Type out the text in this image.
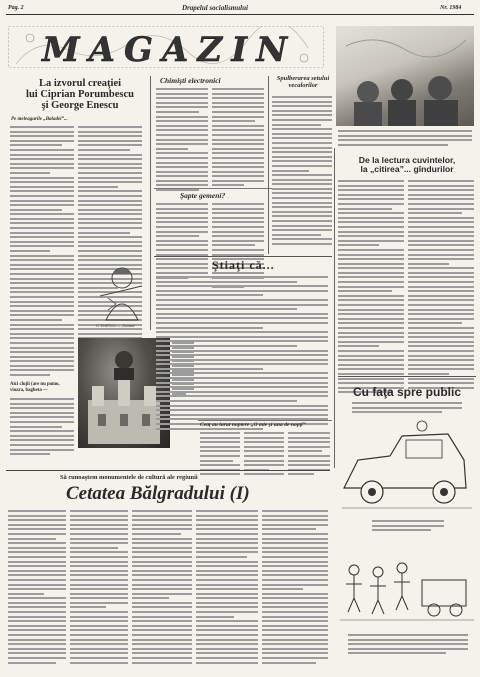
Pag. 2	Drapelul socialismului	Nr. 1984
MAGAZIN
La izvorul creaţiei
lui Ciprian Porumbescu
şi George Enescu
Pe meleagurile „Baladei”...
G. ENESCU — „Sonata”
Aici clujii (are nu pomo, vioara, bagheta —
Chimişti electronici
Şapte gemeni?
Spulberarea setului
vecalorilor
Ştiaţi că...
Ceaţ au iarut noptere „O mie şi una de nopţi”
De la lectura cuvintelor,
la „citirea”... gîndurilor
Cu faţa spre public
Să cunoaştem monumentele de cultură ale regiunii
Cetatea Bălgradului (I)
